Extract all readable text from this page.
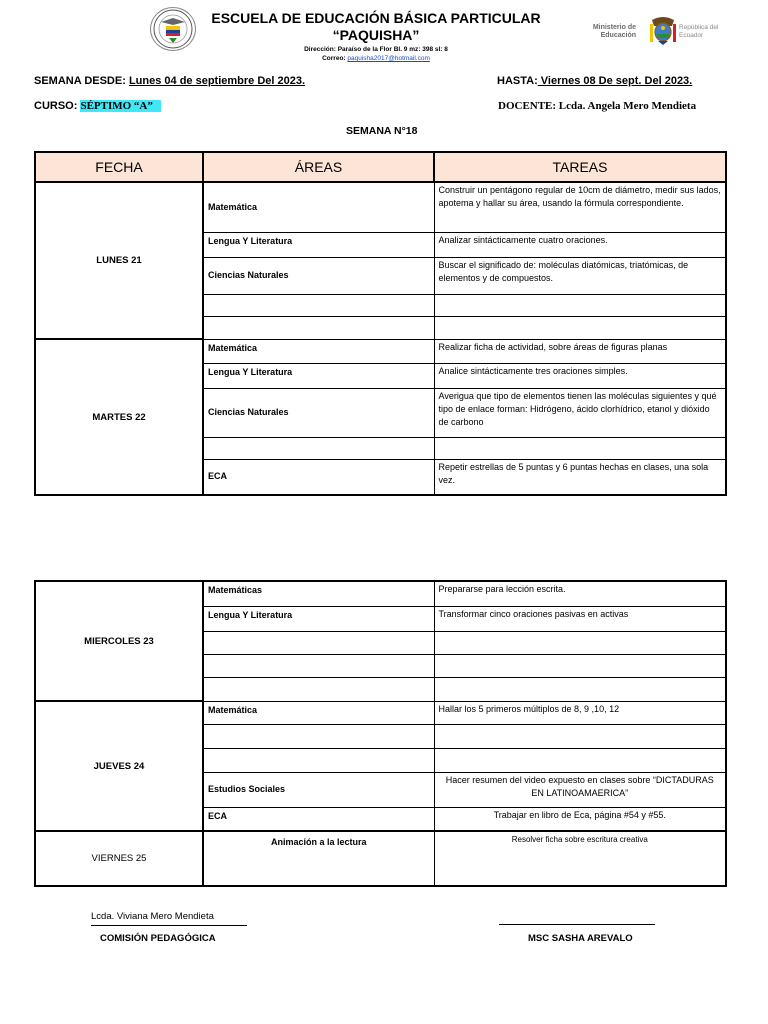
ESCUELA DE EDUCACIÓN BÁSICA PARTICULAR
“PAQUISHA”
Dirección: Paraíso de la Flor Bl. 9 mz: 398 sl: 8
Correo: paquisha2017@hotmail.com
Ministerio de Educación
República del Ecuador
SEMANA DESDE: Lunes 04 de septiembre Del 2023.	HASTA: Viernes 08 De sept. Del 2023.
CURSO: SÉPTIMO “A”	DOCENTE: Lcda. Angela Mero Mendieta
SEMANA N°18
FECHA	ÁREAS	TAREAS
LUNES 21	Matemática	Construir un pentágono regular de 10cm de diámetro, medir sus lados, apotema y hallar su área, usando la fórmula correspondiente.
	Lengua Y Literatura	Analizar sintácticamente cuatro oraciones.
	Ciencias Naturales	Buscar el significado de: moléculas diatómicas, triatómicas, de elementos y de compuestos.

MARTES 22	Matemática	Realizar ficha de actividad, sobre áreas de figuras planas
	Lengua Y Literatura	Analice sintácticamente tres oraciones simples.
	Ciencias Naturales	Averigua que tipo de elementos tienen las moléculas siguientes y qué tipo de enlace forman: Hidrógeno, ácido clorhídrico, etanol y dióxido de carbono

	ECA	Repetir estrellas de 5 puntas y 6 puntas hechas en clases, una sola vez.
MIERCOLES 23	Matemáticas	Prepararse para lección escrita.
	Lengua Y Literatura	Transformar cinco oraciones pasivas en activas

JUEVES 24	Matemática	Hallar los 5 primeros múltiplos de 8, 9 ,10, 12

	Estudios Sociales	Hacer resumen del video expuesto en clases sobre “DICTADURAS EN LATINOAMAERICA”
	ECA	Trabajar en libro de Eca, página #54 y #55.
VIERNES 25	Animación a la lectura	Resolver ficha sobre escritura creativa
Lcda. Viviana Mero Mendieta
COMISIÓN PEDAGÓGICA	MSC SASHA AREVALO
